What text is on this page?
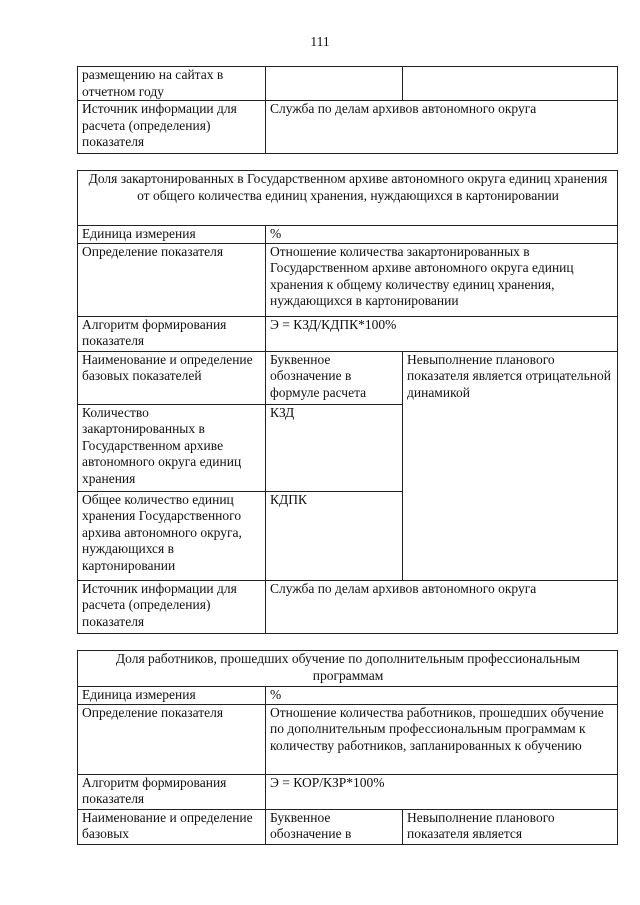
111
размещению на сайтах в отчетном году		
Источник информации для расчета (определения) показателя	Служба по делам архивов автономного округа	
Доля закартонированных в Государственном архиве автономного округа единиц хранения от общего количества единиц хранения, нуждающихся в картонировании		
Единица измерения	%	
Определение показателя	Отношение количества закартонированных в Государственном архиве автономного округа единиц хранения к общему количеству единиц хранения, нуждающихся в картонировании	
Алгоритм формирования показателя	Э = КЗД/КДПК*100%	
Наименование и определение базовых показателей	Буквенное обозначение в формуле расчета	Невыполнение планового показателя является отрицательной динамикой
Количество закартонированных в Государственном архиве автономного округа единиц хранения	КЗД	
Общее количество единиц хранения Государственного архива автономного округа, нуждающихся в картонировании	КДПК	
Источник информации для расчета (определения) показателя	Служба по делам архивов автономного округа	
Доля работников, прошедших обучение по дополнительным профессиональным программам		
Единица измерения	%	
Определение показателя	Отношение количества работников, прошедших обучение по дополнительным профессиональным программам к количеству работников, запланированных к обучению	
Алгоритм формирования показателя	Э = КОР/КЗР*100%	
Наименование и определение базовых	Буквенное обозначение в	Невыполнение планового показателя является
